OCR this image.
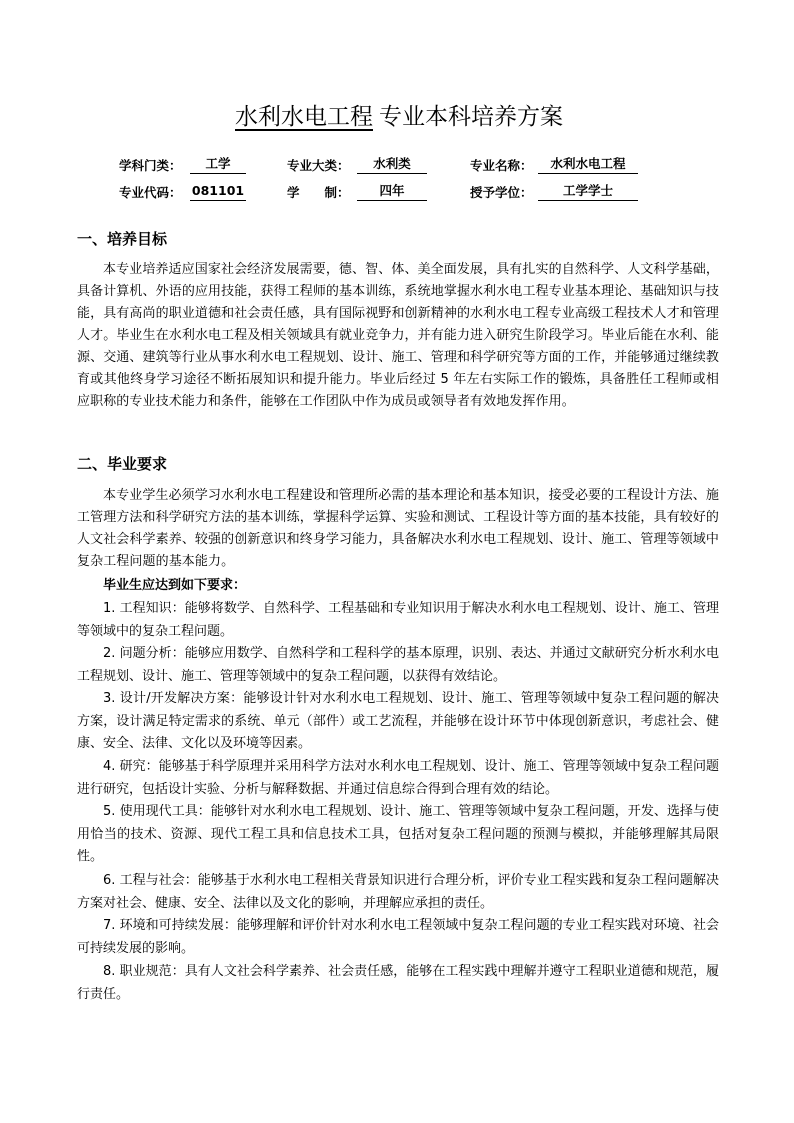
水利水电工程 专业本科培养方案
学科门类：	工学	专业大类：	水利类	专业名称：	水利水电工程
专业代码： 081101	学　　制：	四年	授予学位：	工学学士
一、培养目标

本专业培养适应国家社会经济发展需要，德、智、体、美全面发展，具有扎实的自然科学、人文科学基础，具备计算机、外语的应用技能，获得工程师的基本训练，系统地掌握水利水电工程专业基本理论、基础知识与技能，具有高尚的职业道德和社会责任感，具有国际视野和创新精神的水利水电工程专业高级工程技术人才和管理人才。毕业生在水利水电工程及相关领域具有就业竞争力，并有能力进入研究生阶段学习。毕业后能在水利、能源、交通、建筑等行业从事水利水电工程规划、设计、施工、管理和科学研究等方面的工作，并能够通过继续教育或其他终身学习途径不断拓展知识和提升能力。毕业后经过 5 年左右实际工作的锻炼，具备胜任工程师或相应职称的专业技术能力和条件，能够在工作团队中作为成员或领导者有效地发挥作用。

二、毕业要求

本专业学生必须学习水利水电工程建设和管理所必需的基本理论和基本知识，接受必要的工程设计方法、施工管理方法和科学研究方法的基本训练，掌握科学运算、实验和测试、工程设计等方面的基本技能，具有较好的人文社会科学素养、较强的创新意识和终身学习能力，具备解决水利水电工程规划、设计、施工、管理等领域中复杂工程问题的基本能力。

毕业生应达到如下要求：

1. 工程知识：能够将数学、自然科学、工程基础和专业知识用于解决水利水电工程规划、设计、施工、管理等领域中的复杂工程问题。

2. 问题分析：能够应用数学、自然科学和工程科学的基本原理，识别、表达、并通过文献研究分析水利水电工程规划、设计、施工、管理等领域中的复杂工程问题，以获得有效结论。

3. 设计/开发解决方案：能够设计针对水利水电工程规划、设计、施工、管理等领域中复杂工程问题的解决方案，设计满足特定需求的系统、单元（部件）或工艺流程，并能够在设计环节中体现创新意识，考虑社会、健康、安全、法律、文化以及环境等因素。

4. 研究：能够基于科学原理并采用科学方法对水利水电工程规划、设计、施工、管理等领域中复杂工程问题进行研究，包括设计实验、分析与解释数据、并通过信息综合得到合理有效的结论。

5. 使用现代工具：能够针对水利水电工程规划、设计、施工、管理等领域中复杂工程问题，开发、选择与使用恰当的技术、资源、现代工程工具和信息技术工具，包括对复杂工程问题的预测与模拟，并能够理解其局限性。

6. 工程与社会：能够基于水利水电工程相关背景知识进行合理分析，评价专业工程实践和复杂工程问题解决方案对社会、健康、安全、法律以及文化的影响，并理解应承担的责任。

7. 环境和可持续发展：能够理解和评价针对水利水电工程领域中复杂工程问题的专业工程实践对环境、社会可持续发展的影响。

8. 职业规范：具有人文社会科学素养、社会责任感，能够在工程实践中理解并遵守工程职业道德和规范，履行责任。
